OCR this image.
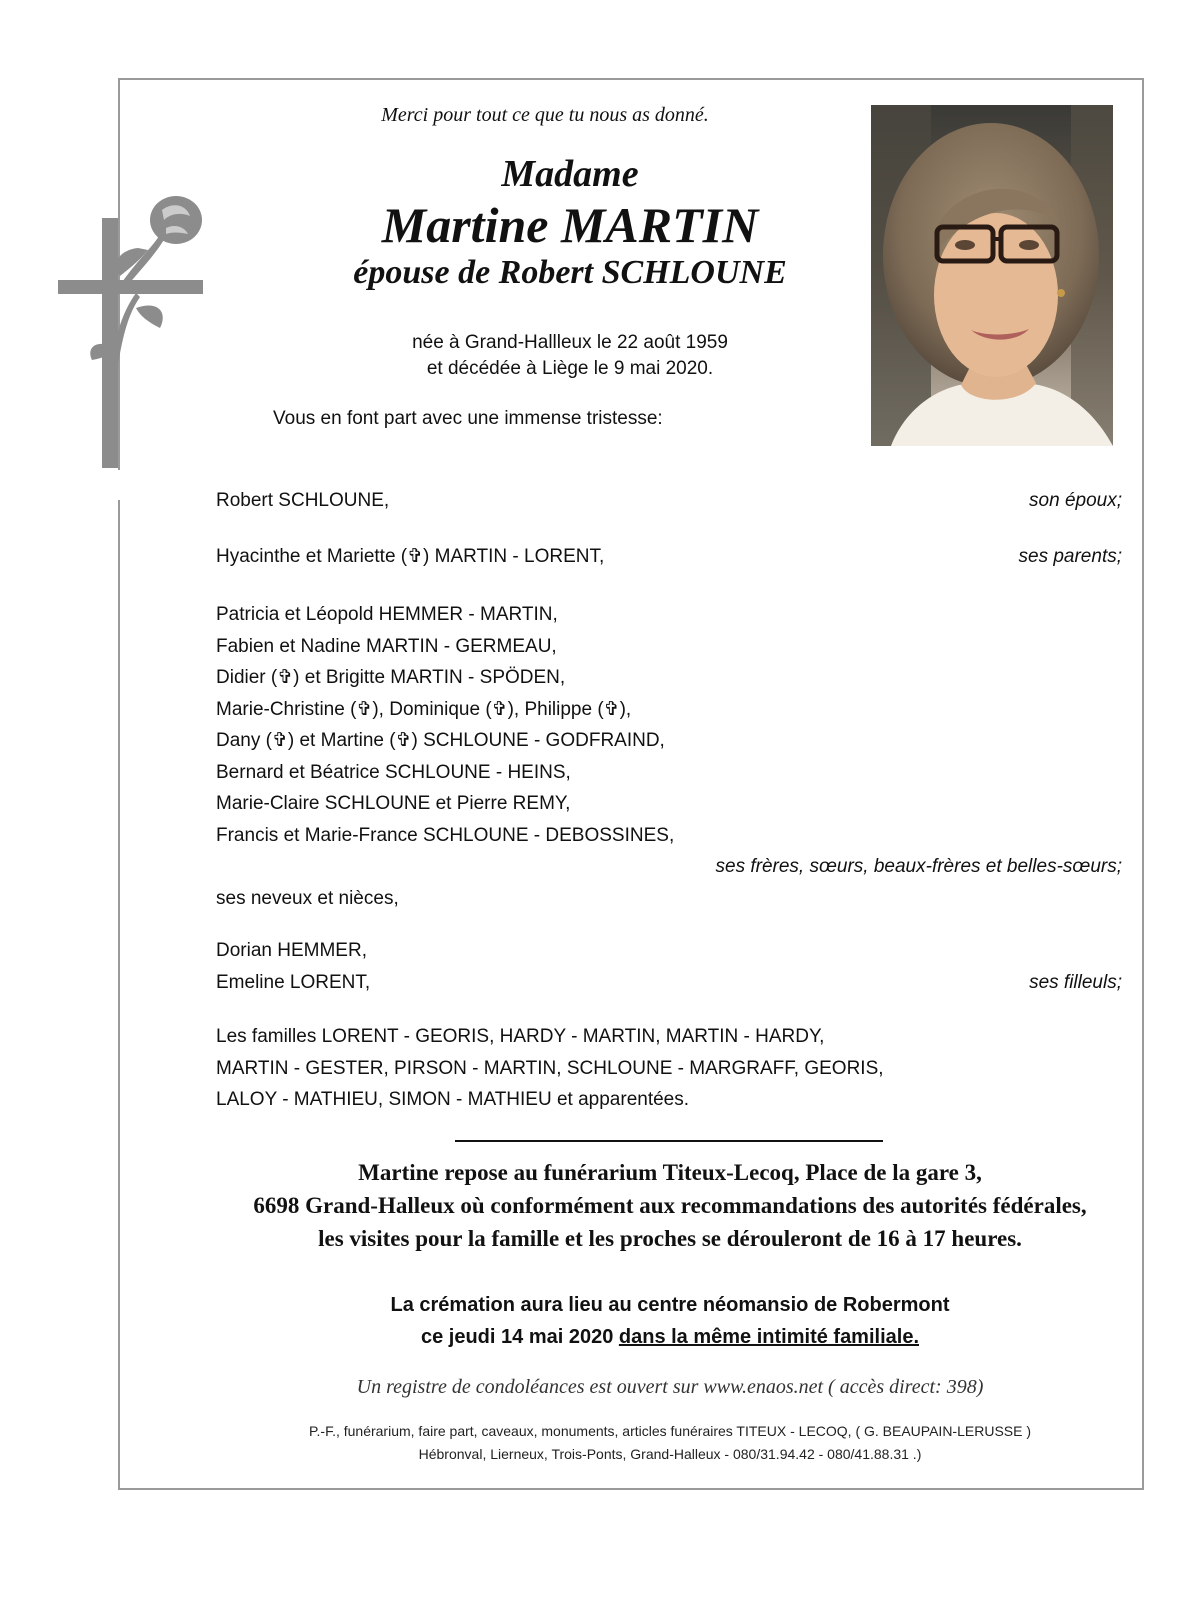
Merci pour tout ce que tu nous as donné.
Madame
Martine MARTIN
épouse de Robert SCHLOUNE
née à Grand-Hallleux le 22 août 1959
et décédée à Liège le 9 mai 2020.
Vous en font part avec une immense tristesse:
Robert SCHLOUNE,	son époux;
Hyacinthe et Mariette (✞) MARTIN - LORENT,	ses parents;
Patricia et Léopold HEMMER - MARTIN,
Fabien et Nadine MARTIN - GERMEAU,
Didier (✞) et Brigitte MARTIN - SPÖDEN,
Marie-Christine (✞), Dominique (✞), Philippe (✞),
Dany (✞) et Martine (✞) SCHLOUNE - GODFRAIND,
Bernard et Béatrice SCHLOUNE - HEINS,
Marie-Claire SCHLOUNE et Pierre REMY,
Francis et Marie-France SCHLOUNE - DEBOSSINES,
ses frères, sœurs, beaux-frères et belles-sœurs;
ses neveux et nièces,
Dorian HEMMER,
Emeline LORENT,	ses filleuls;
Les familles LORENT - GEORIS, HARDY - MARTIN, MARTIN - HARDY,
MARTIN - GESTER, PIRSON - MARTIN, SCHLOUNE - MARGRAFF, GEORIS,
LALOY - MATHIEU, SIMON - MATHIEU et apparentées.
Martine repose au funérarium Titeux-Lecoq, Place de la gare 3,
6698 Grand-Halleux où conformément aux recommandations des autorités fédérales,
les visites pour la famille et les proches se dérouleront de 16 à 17 heures.
La crémation aura lieu au centre néomansio de Robermont
ce jeudi 14 mai 2020 dans la même intimité familiale.
Un registre de condoléances est ouvert sur www.enaos.net ( accès direct: 398)
P.-F., funérarium, faire part, caveaux, monuments, articles funéraires TITEUX - LECOQ, ( G. BEAUPAIN-LERUSSE )
Hébronval, Lierneux, Trois-Ponts, Grand-Halleux - 080/31.94.42 - 080/41.88.31 .)
